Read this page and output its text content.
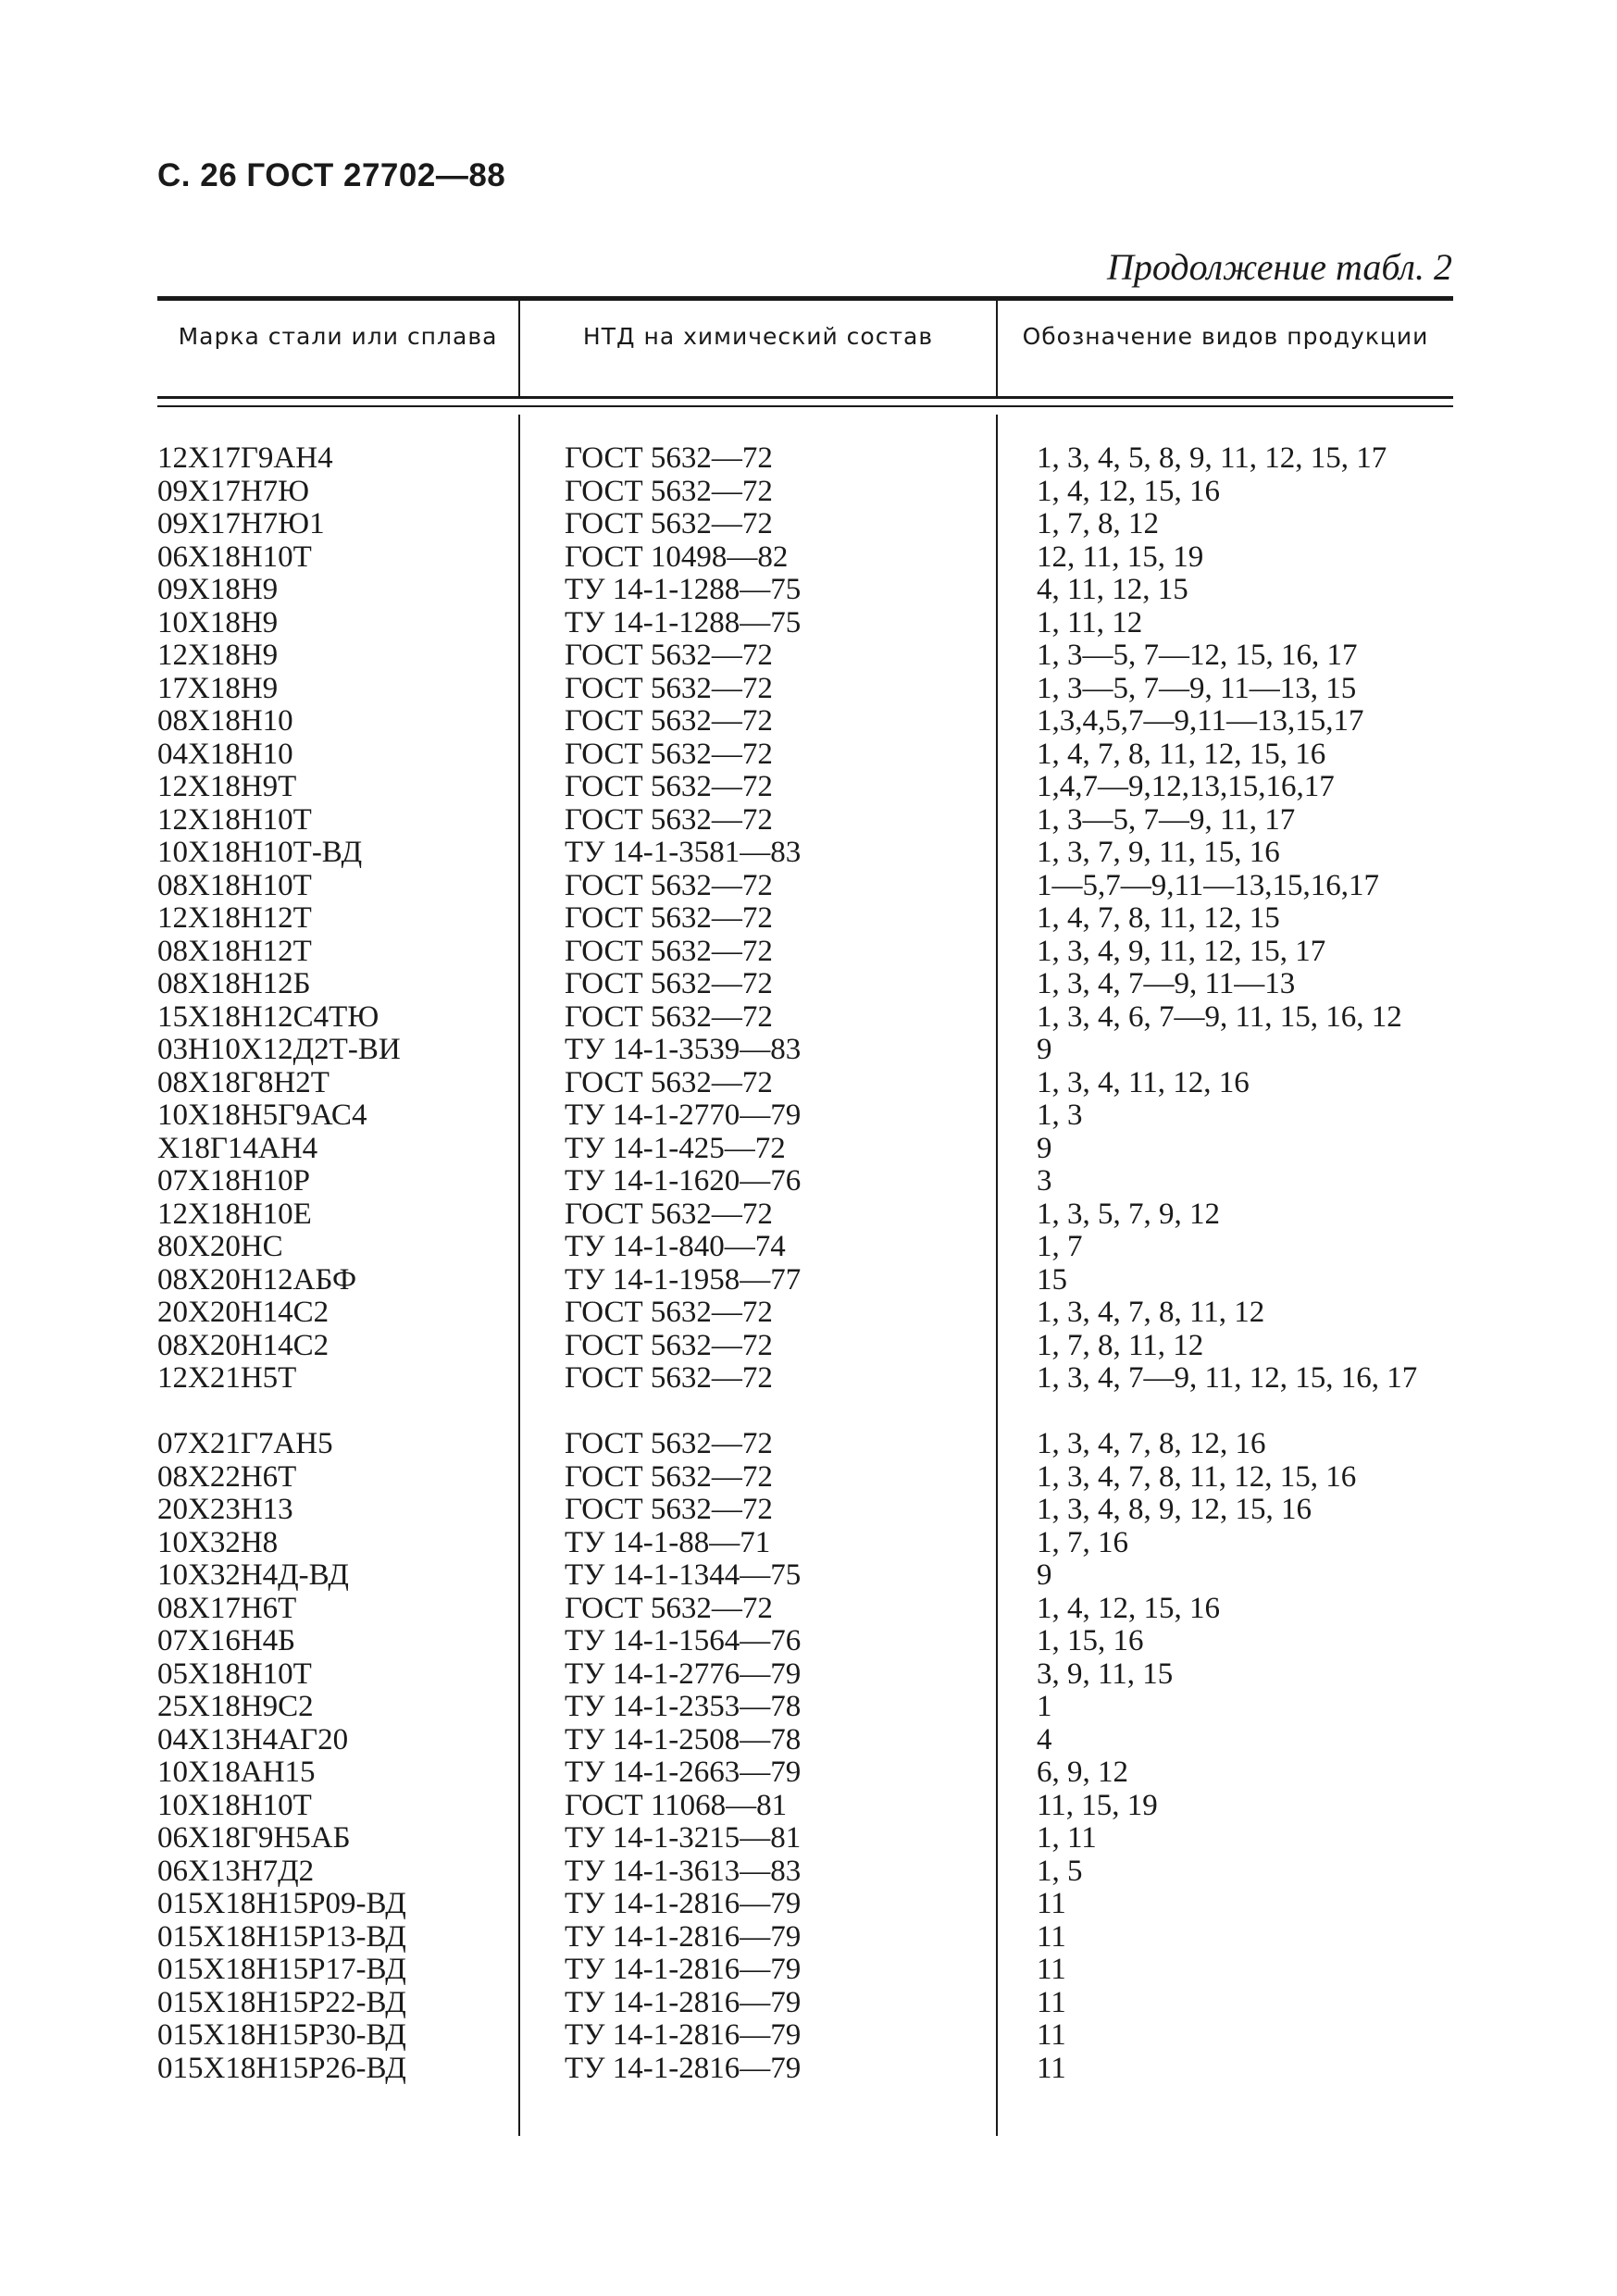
С. 26 ГОСТ 27702—88
Продолжение табл. 2
Марка стали или сплава	НТД на химический состав	Обозначение видов продукции
12Х17Г9АН4	ГОСТ 5632—72	1, 3, 4, 5, 8, 9, 11, 12, 15, 17
09Х17Н7Ю	ГОСТ 5632—72	1, 4, 12, 15, 16
09Х17Н7Ю1	ГОСТ 5632—72	1, 7, 8, 12
06Х18Н10Т	ГОСТ 10498—82	12, 11, 15, 19
09Х18Н9	ТУ 14-1-1288—75	4, 11, 12, 15
10Х18Н9	ТУ 14-1-1288—75	1, 11, 12
12Х18Н9	ГОСТ 5632—72	1, 3—5, 7—12, 15, 16, 17
17Х18Н9	ГОСТ 5632—72	1, 3—5, 7—9, 11—13, 15
08Х18Н10	ГОСТ 5632—72	1,3,4,5,7—9,11—13,15,17
04Х18Н10	ГОСТ 5632—72	1, 4, 7, 8, 11, 12, 15, 16
12Х18Н9Т	ГОСТ 5632—72	1,4,7—9,12,13,15,16,17
12Х18Н10Т	ГОСТ 5632—72	1, 3—5, 7—9, 11, 17
10Х18Н10Т-ВД	ТУ 14-1-3581—83	1, 3, 7, 9, 11, 15, 16
08Х18Н10Т	ГОСТ 5632—72	1—5,7—9,11—13,15,16,17
12Х18Н12Т	ГОСТ 5632—72	1, 4, 7, 8, 11, 12, 15
08Х18Н12Т	ГОСТ 5632—72	1, 3, 4, 9, 11, 12, 15, 17
08Х18Н12Б	ГОСТ 5632—72	1, 3, 4, 7—9, 11—13
15Х18Н12С4ТЮ	ГОСТ 5632—72	1, 3, 4, 6, 7—9, 11, 15, 16, 12
03Н10Х12Д2Т-ВИ	ТУ 14-1-3539—83	9
08Х18Г8Н2Т	ГОСТ 5632—72	1, 3, 4, 11, 12, 16
10Х18Н5Г9АС4	ТУ 14-1-2770—79	1, 3
Х18Г14АН4	ТУ 14-1-425—72	9
07Х18Н10Р	ТУ 14-1-1620—76	3
12Х18Н10Е	ГОСТ 5632—72	1, 3, 5, 7, 9, 12
80Х20НС	ТУ 14-1-840—74	1, 7
08Х20Н12АБФ	ТУ 14-1-1958—77	15
20Х20Н14С2	ГОСТ 5632—72	1, 3, 4, 7, 8, 11, 12
08Х20Н14С2	ГОСТ 5632—72	1, 7, 8, 11, 12
12Х21Н5Т	ГОСТ 5632—72	1, 3, 4, 7—9, 11, 12, 15, 16, 17
07Х21Г7АН5	ГОСТ 5632—72	1, 3, 4, 7, 8, 12, 16
08Х22Н6Т	ГОСТ 5632—72	1, 3, 4, 7, 8, 11, 12, 15, 16
20Х23Н13	ГОСТ 5632—72	1, 3, 4, 8, 9, 12, 15, 16
10Х32Н8	ТУ 14-1-88—71	1, 7, 16
10Х32Н4Д-ВД	ТУ 14-1-1344—75	9
08Х17Н6Т	ГОСТ 5632—72	1, 4, 12, 15, 16
07Х16Н4Б	ТУ 14-1-1564—76	1, 15, 16
05Х18Н10Т	ТУ 14-1-2776—79	3, 9, 11, 15
25Х18Н9С2	ТУ 14-1-2353—78	1
04Х13Н4АГ20	ТУ 14-1-2508—78	4
10Х18АН15	ТУ 14-1-2663—79	6, 9, 12
10Х18Н10Т	ГОСТ 11068—81	11, 15, 19
06Х18Г9Н5АБ	ТУ 14-1-3215—81	1, 11
06Х13Н7Д2	ТУ 14-1-3613—83	1, 5
015Х18Н15Р09-ВД	ТУ 14-1-2816—79	11
015Х18Н15Р13-ВД	ТУ 14-1-2816—79	11
015Х18Н15Р17-ВД	ТУ 14-1-2816—79	11
015Х18Н15Р22-ВД	ТУ 14-1-2816—79	11
015Х18Н15Р30-ВД	ТУ 14-1-2816—79	11
015Х18Н15Р26-ВД	ТУ 14-1-2816—79	11
